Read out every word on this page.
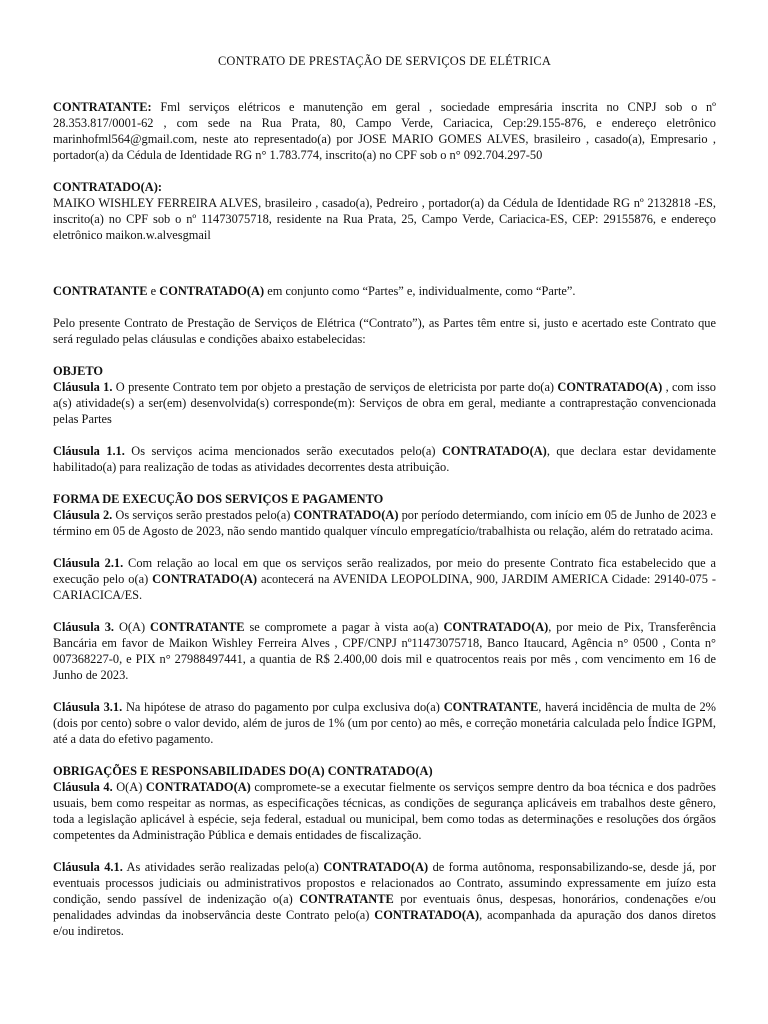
CONTRATO DE PRESTAÇÃO DE SERVIÇOS DE ELÉTRICA

CONTRATANTE: Fml serviços elétricos e manutenção em geral , sociedade empresária inscrita no CNPJ sob o nº 28.353.817/0001-62 , com sede na Rua Prata, 80, Campo Verde, Cariacica, Cep:29.155-876, e endereço eletrônico marinhofml564@gmail.com, neste ato representado(a) por JOSE MARIO GOMES ALVES, brasileiro , casado(a), Empresario , portador(a) da Cédula de Identidade RG n° 1.783.774, inscrito(a) no CPF sob o n° 092.704.297-50

CONTRATADO(A):

MAIKO WISHLEY FERREIRA ALVES, brasileiro , casado(a), Pedreiro , portador(a) da Cédula de Identidade RG nº 2132818 -ES, inscrito(a) no CPF sob o nº 11473075718, residente na Rua Prata, 25, Campo Verde, Cariacica-ES, CEP: 29155876, e endereço eletrônico maikon.w.alvesgmail

CONTRATANTE e CONTRATADO(A) em conjunto como “Partes” e, individualmente, como “Parte”.

Pelo presente Contrato de Prestação de Serviços de Elétrica (“Contrato”), as Partes têm entre si, justo e acertado este Contrato que será regulado pelas cláusulas e condições abaixo estabelecidas:

OBJETO

Cláusula 1. O presente Contrato tem por objeto a prestação de serviços de eletricista por parte do(a) CONTRATADO(A) , com isso a(s) atividade(s) a ser(em) desenvolvida(s) corresponde(m): Serviços de obra em geral, mediante a contraprestação convencionada pelas Partes

Cláusula 1.1. Os serviços acima mencionados serão executados pelo(a) CONTRATADO(A), que declara estar devidamente habilitado(a) para realização de todas as atividades decorrentes desta atribuição.

FORMA DE EXECUÇÃO DOS SERVIÇOS E PAGAMENTO

Cláusula 2. Os serviços serão prestados pelo(a) CONTRATADO(A) por período determiando, com início em 05 de Junho de 2023 e término em 05 de Agosto de 2023, não sendo mantido qualquer vínculo empregatício/trabalhista ou relação, além do retratado acima.

Cláusula 2.1. Com relação ao local em que os serviços serão realizados, por meio do presente Contrato fica estabelecido que a execução pelo o(a) CONTRATADO(A) acontecerá na AVENIDA LEOPOLDINA, 900, JARDIM AMERICA Cidade: 29140-075 - CARIACICA/ES.

Cláusula 3. O(A) CONTRATANTE se compromete a pagar à vista ao(a) CONTRATADO(A), por meio de Pix, Transferência Bancária em favor de Maikon Wishley Ferreira Alves , CPF/CNPJ nº11473075718, Banco Itaucard, Agência n° 0500 , Conta n° 007368227-0, e PIX n° 27988497441, a quantia de R$ 2.400,00 dois mil e quatrocentos reais por mês , com vencimento em 16 de Junho de 2023.

Cláusula 3.1. Na hipótese de atraso do pagamento por culpa exclusiva do(a) CONTRATANTE, haverá incidência de multa de 2% (dois por cento) sobre o valor devido, além de juros de 1% (um por cento) ao mês, e correção monetária calculada pelo Índice IGPM, até a data do efetivo pagamento.

OBRIGAÇÕES E RESPONSABILIDADES DO(A) CONTRATADO(A)

Cláusula 4. O(A) CONTRATADO(A) compromete-se a executar fielmente os serviços sempre dentro da boa técnica e dos padrões usuais, bem como respeitar as normas, as especificações técnicas, as condições de segurança aplicáveis em trabalhos deste gênero, toda a legislação aplicável à espécie, seja federal, estadual ou municipal, bem como todas as determinações e resoluções dos órgãos competentes da Administração Pública e demais entidades de fiscalização.

Cláusula 4.1. As atividades serão realizadas pelo(a) CONTRATADO(A) de forma autônoma, responsabilizando-se, desde já, por eventuais processos judiciais ou administrativos propostos e relacionados ao Contrato, assumindo expressamente em juízo esta condição, sendo passível de indenização o(a) CONTRATANTE por eventuais ônus, despesas, honorários, condenações e/ou penalidades advindas da inobservância deste Contrato pelo(a) CONTRATADO(A), acompanhada da apuração dos danos diretos e/ou indiretos.
